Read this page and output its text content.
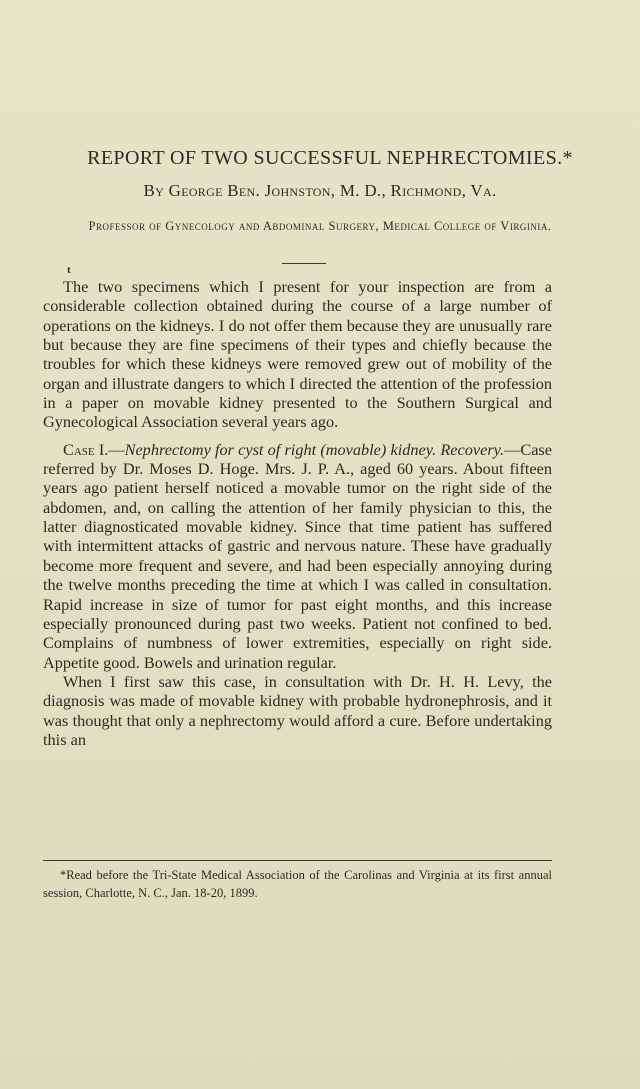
REPORT OF TWO SUCCESSFUL NEPHRECTOMIES.*

By George Ben. Johnston, M. D., Richmond, Va.

Professor of Gynecology and Abdominal Surgery, Medical College of Virginia.

t

The two specimens which I present for your inspection are from a considerable collection obtained during the course of a large number of operations on the kidneys. I do not offer them because they are unusually rare but because they are fine specimens of their types and chiefly because the troubles for which these kidneys were removed grew out of mobility of the organ and illustrate dangers to which I directed the attention of the profession in a paper on movable kidney presented to the Southern Surgical and Gynecological Association several years ago.

Case I.—Nephrectomy for cyst of right (movable) kidney. Recovery.—Case referred by Dr. Moses D. Hoge. Mrs. J. P. A., aged 60 years. About fifteen years ago patient herself noticed a movable tumor on the right side of the abdomen, and, on calling the attention of her family physician to this, the latter diagnosticated movable kidney. Since that time patient has suffered with intermittent attacks of gastric and nervous nature. These have gradually become more frequent and severe, and had been especially annoying during the twelve months preceding the time at which I was called in consultation. Rapid increase in size of tumor for past eight months, and this increase especially pronounced during past two weeks. Patient not confined to bed. Complains of numbness of lower extremities, especially on right side. Appetite good. Bowels and urination regular.

When I first saw this case, in consultation with Dr. H. H. Levy, the diagnosis was made of movable kidney with probable hydronephrosis, and it was thought that only a nephrectomy would afford a cure. Before undertaking this an

*Read before the Tri-State Medical Association of the Carolinas and Virginia at its first annual session, Charlotte, N. C., Jan. 18-20, 1899.
